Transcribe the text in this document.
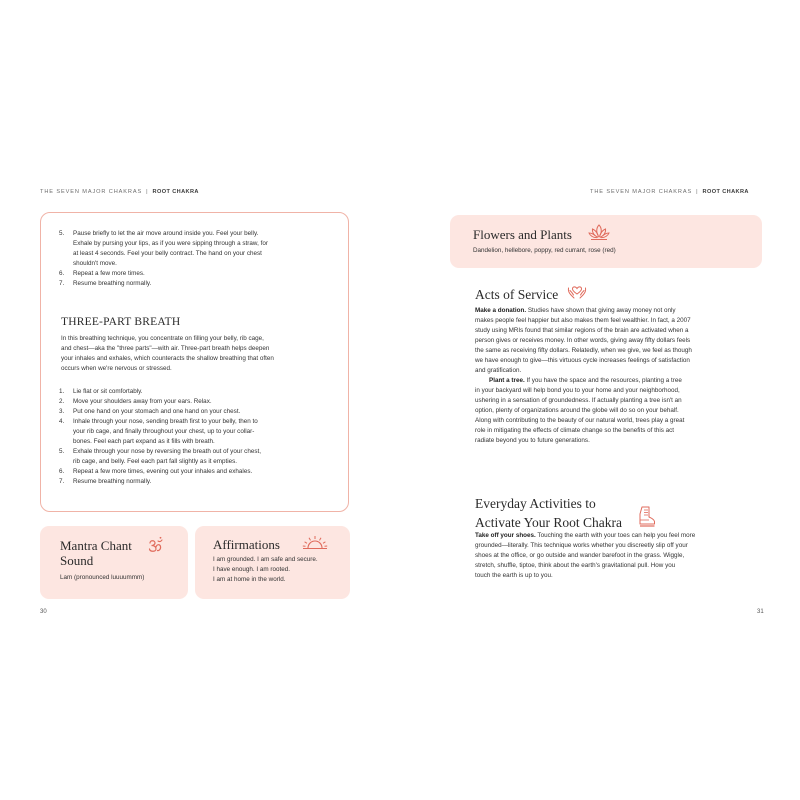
THE SEVEN MAJOR CHAKRAS | ROOT CHAKRA
5. Pause briefly to let the air move around inside you. Feel your belly.
Exhale by pursing your lips, as if you were sipping through a straw, for
at least 4 seconds. Feel your belly contract. The hand on your chest
shouldn't move.
6. Repeat a few more times.
7. Resume breathing normally.
THREE-PART BREATH
In this breathing technique, you concentrate on filling your belly, rib cage,
and chest—aka the "three parts"—with air. Three-part breath helps deepen
your inhales and exhales, which counteracts the shallow breathing that often
occurs when we're nervous or stressed.
1. Lie flat or sit comfortably.
2. Move your shoulders away from your ears. Relax.
3. Put one hand on your stomach and one hand on your chest.
4. Inhale through your nose, sending breath first to your belly, then to
your rib cage, and finally throughout your chest, up to your collar-
bones. Feel each part expand as it fills with breath.
5. Exhale through your nose by reversing the breath out of your chest,
rib cage, and belly. Feel each part fall slightly as it empties.
6. Repeat a few more times, evening out your inhales and exhales.
7. Resume breathing normally.
Mantra Chant
Sound
Lam (pronounced luuuummm)
Affirmations
I am grounded. I am safe and secure.
I have enough. I am rooted.
I am at home in the world.
30
THE SEVEN MAJOR CHAKRAS | ROOT CHAKRA
Flowers and Plants
Dandelion, hellebore, poppy, red currant, rose (red)
Acts of Service
Make a donation. Studies have shown that giving away money not only
makes people feel happier but also makes them feel wealthier. In fact, a 2007
study using MRIs found that similar regions of the brain are activated when a
person gives or receives money. In other words, giving away fifty dollars feels
the same as receiving fifty dollars. Relatedly, when we give, we feel as though
we have enough to give—this virtuous cycle increases feelings of satisfaction
and gratification.
Plant a tree. If you have the space and the resources, planting a tree
in your backyard will help bond you to your home and your neighborhood,
ushering in a sensation of groundedness. If actually planting a tree isn't an
option, plenty of organizations around the globe will do so on your behalf.
Along with contributing to the beauty of our natural world, trees play a great
role in mitigating the effects of climate change so the benefits of this act
radiate beyond you to future generations.
Everyday Activities to
Activate Your Root Chakra
Take off your shoes. Touching the earth with your toes can help you feel more
grounded—literally. This technique works whether you discreetly slip off your
shoes at the office, or go outside and wander barefoot in the grass. Wiggle,
stretch, shuffle, tiptoe, think about the earth's gravitational pull. How you
touch the earth is up to you.
31
